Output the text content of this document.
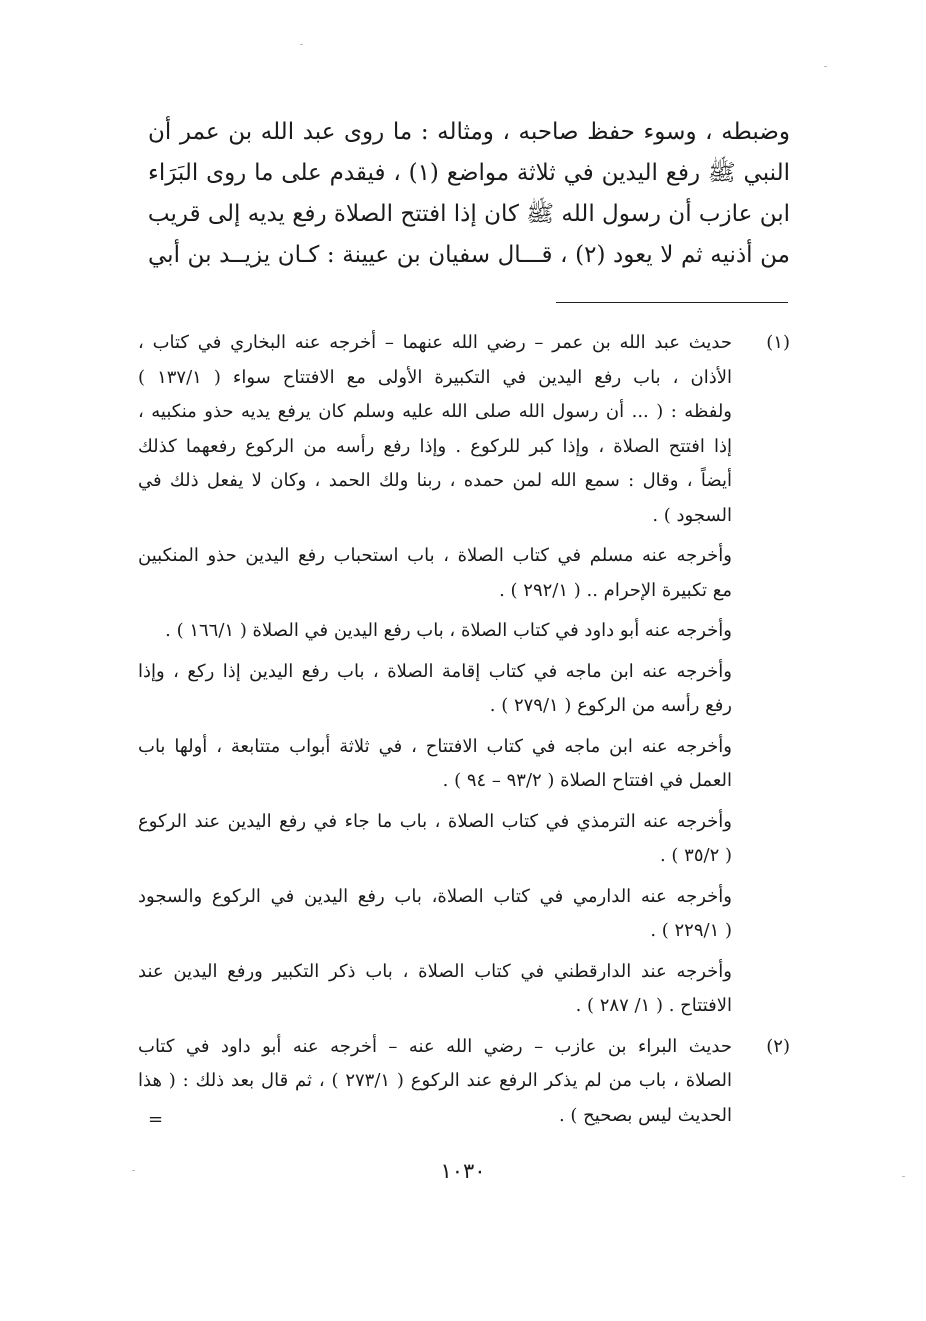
وضبطه ، وسوء حفظ صاحبه ، ومثاله : ما روى عبد الله بن عمر أن
النبي ﷺ رفع اليدين في ثلاثة مواضع (١) ، فيقدم على ما روى البَرَاء
ابن عازب أن رسول الله ﷺ كان إذا افتتح الصلاة رفع يديه إلى قريب
من أذنيه ثم لا يعود (٢) ، قـــال سفيان بن عيينة : كـان يزيــد بن أبي
(١)
حديث عبد الله بن عمر – رضي الله عنهما – أخرجه عنه البخاري في كتاب ،
الأذان ، باب رفع اليدين في التكبيرة الأولى مع الافتتاح سواء ( ١٣٧/١ )
ولفظه : ( ... أن رسول الله صلى الله عليه وسلم كان يرفع يديه حذو منكبيه ،
إذا افتتح الصلاة ، وإذا كبر للركوع . وإذا رفع رأسه من الركوع رفعهما كذلك
أيضاً ، وقال : سمع الله لمن حمده ، ربنا ولك الحمد ، وكان لا يفعل ذلك في
السجود ) .
وأخرجه عنه مسلم في كتاب الصلاة ، باب استحباب رفع اليدين حذو المنكبين
مع تكبيرة الإحرام .. ( ٢٩٢/١ ) .
وأخرجه عنه أبو داود في كتاب الصلاة ، باب رفع اليدين في الصلاة ( ١٦٦/١ ) .
وأخرجه عنه ابن ماجه في كتاب إقامة الصلاة ، باب رفع اليدين إذا ركع ، وإذا
رفع رأسه من الركوع ( ٢٧٩/١ ) .
وأخرجه عنه ابن ماجه في كتاب الافتتاح ، في ثلاثة أبواب متتابعة ، أولها باب
العمل في افتتاح الصلاة ( ٩٣/٢ – ٩٤ ) .
وأخرجه عنه الترمذي في كتاب الصلاة ، باب ما جاء في رفع اليدين عند الركوع
( ٣٥/٢ ) .
وأخرجه عنه الدارمي في كتاب الصلاة، باب رفع اليدين في الركوع والسجود
( ٢٢٩/١ ) .
وأخرجه عند الدارقطني في كتاب الصلاة ، باب ذكر التكبير ورفع اليدين عند
الافتتاح . ( ١/ ٢٨٧ ) .
(٢)
حديث البراء بن عازب – رضي الله عنه – أخرجه عنه أبو داود في كتاب
الصلاة ، باب من لم يذكر الرفع عند الركوع ( ٢٧٣/١ ) ، ثم قال بعد ذلك : ( هذا
الحديث ليس بصحيح ) .
=
١٠٣٠
